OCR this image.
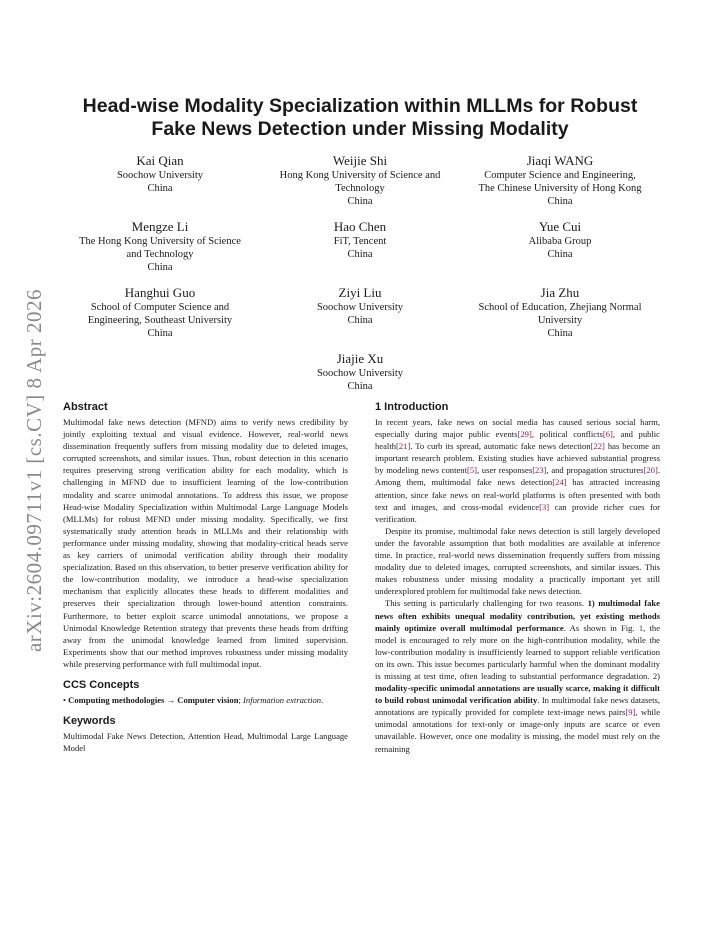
arXiv:2604.09711v1 [cs.CV] 8 Apr 2026
Head-wise Modality Specialization within MLLMs for Robust Fake News Detection under Missing Modality
Kai Qian
Soochow University
China
Weijie Shi
Hong Kong University of Science and
Technology
China
Jiaqi WANG
Computer Science and Engineering,
The Chinese University of Hong Kong
China
Mengze Li
The Hong Kong University of Science
and Technology
China
Hao Chen
FiT, Tencent
China
Yue Cui
Alibaba Group
China
Hanghui Guo
School of Computer Science and
Engineering, Southeast University
China
Ziyi Liu
Soochow University
China
Jia Zhu
School of Education, Zhejiang Normal
University
China
Jiajie Xu
Soochow University
China
Abstract

Multimodal fake news detection (MFND) aims to verify news credibility by jointly exploiting textual and visual evidence. However, real-world news dissemination frequently suffers from missing modality due to deleted images, corrupted screenshots, and similar issues. Thus, robust detection in this scenario requires preserving strong verification ability for each modality, which is challenging in MFND due to insufficient learning of the low-contribution modality and scarce unimodal annotations. To address this issue, we propose Head-wise Modality Specialization within Multimodal Large Language Models (MLLMs) for robust MFND under missing modality. Specifically, we first systematically study attention heads in MLLMs and their relationship with performance under missing modality, showing that modality-critical heads serve as key carriers of unimodal verification ability through their modality specialization. Based on this observation, to better preserve verification ability for the low-contribution modality, we introduce a head-wise specialization mechanism that explicitly allocates these heads to different modalities and preserves their specialization through lower-bound attention constraints. Furthermore, to better exploit scarce unimodal annotations, we propose a Unimodal Knowledge Retention strategy that prevents these heads from drifting away from the unimodal knowledge learned from limited supervision. Experiments show that our method improves robustness under missing modality while preserving performance with full multimodal input.

CCS Concepts

• Computing methodologies → Computer vision; Information extraction.

Keywords

Multimodal Fake News Detection, Attention Head, Multimodal Large Language Model

1 Introduction

In recent years, fake news on social media has caused serious social harm, especially during major public events[29], political conflicts[6], and public health[21]. To curb its spread, automatic fake news detection[22] has become an important research problem. Existing studies have achieved substantial progress by modeling news content[5], user responses[23], and propagation structures[20]. Among them, multimodal fake news detection[24] has attracted increasing attention, since fake news on real-world platforms is often presented with both text and images, and cross-modal evidence[3] can provide richer cues for verification.

Despite its promise, multimodal fake news detection is still largely developed under the favorable assumption that both modalities are available at inference time. In practice, real-world news dissemination frequently suffers from missing modality due to deleted images, corrupted screenshots, and similar issues. This makes robustness under missing modality a practically important yet still underexplored problem for multimodal fake news detection.

This setting is particularly challenging for two reasons. 1) multimodal fake news often exhibits unequal modality contribution, yet existing methods mainly optimize overall multimodal performance. As shown in Fig. 1, the model is encouraged to rely more on the high-contribution modality, while the low-contribution modality is insufficiently learned to support reliable verification on its own. This issue becomes particularly harmful when the dominant modality is missing at test time, often leading to substantial performance degradation. 2) modality-specific unimodal annotations are usually scarce, making it difficult to build robust unimodal verification ability. In multimodal fake news datasets, annotations are typically provided for complete text-image news pairs[9], while unimodal annotations for text-only or image-only inputs are scarce or even unavailable. However, once one modality is missing, the model must rely on the remaining
